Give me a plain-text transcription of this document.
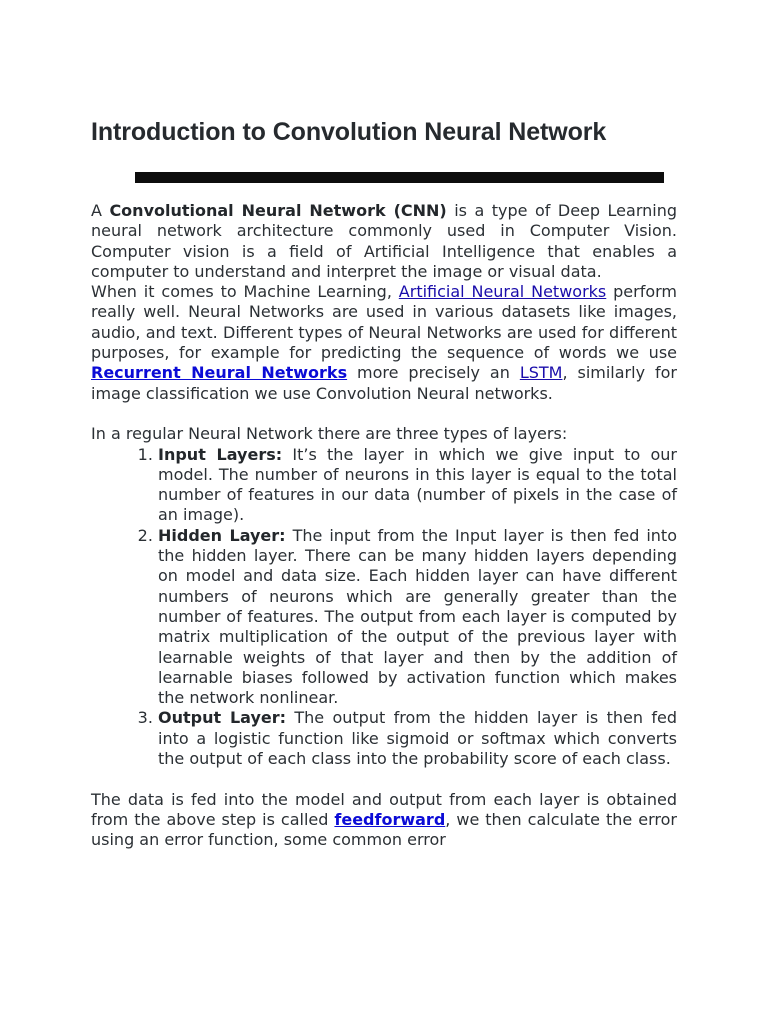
Introduction to Convolution Neural Network

A Convolutional Neural Network (CNN) is a type of Deep Learning neural network architecture commonly used in Computer Vision. Computer vision is a field of Artificial Intelligence that enables a computer to understand and interpret the image or visual data.

When it comes to Machine Learning, Artificial Neural Networks perform really well. Neural Networks are used in various datasets like images, audio, and text. Different types of Neural Networks are used for different purposes, for example for predicting the sequence of words we use Recurrent Neural Networks more precisely an LSTM, similarly for image classification we use Convolution Neural networks.

In a regular Neural Network there are three types of layers:

1. Input Layers: It’s the layer in which we give input to our model. The number of neurons in this layer is equal to the total number of features in our data (number of pixels in the case of an image).
2. Hidden Layer: The input from the Input layer is then fed into the hidden layer. There can be many hidden layers depending on model and data size. Each hidden layer can have different numbers of neurons which are generally greater than the number of features. The output from each layer is computed by matrix multiplication of the output of the previous layer with learnable weights of that layer and then by the addition of learnable biases followed by activation function which makes the network nonlinear.
3. Output Layer: The output from the hidden layer is then fed into a logistic function like sigmoid or softmax which converts the output of each class into the probability score of each class.

The data is fed into the model and output from each layer is obtained from the above step is called feedforward, we then calculate the error using an error function, some common error
